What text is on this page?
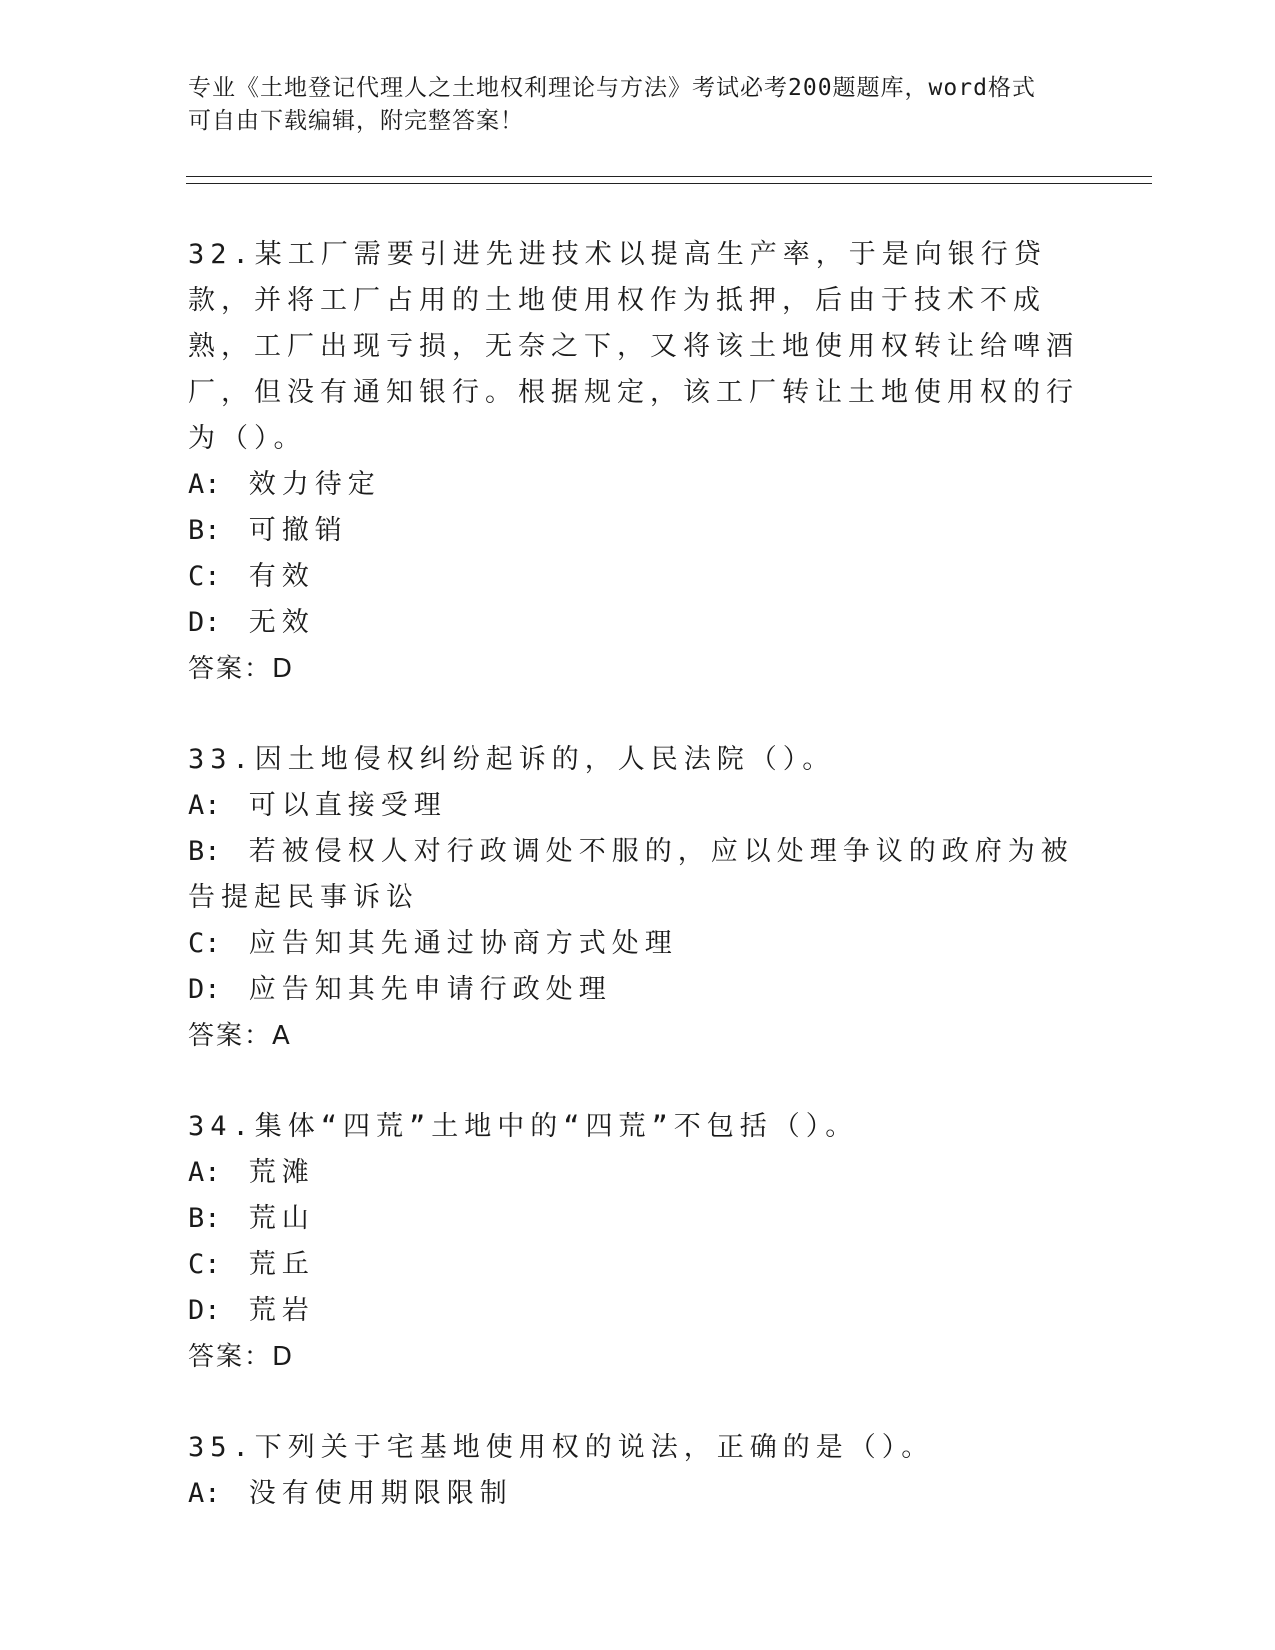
专业《土地登记代理人之土地权利理论与方法》考试必考200题题库，word格式
可自由下载编辑，附完整答案！

32.某工厂需要引进先进技术以提高生产率，于是向银行贷款，并将工厂占用的土地使用权作为抵押，后由于技术不成熟，工厂出现亏损，无奈之下，又将该土地使用权转让给啤酒厂，但没有通知银行。根据规定，该工厂转让土地使用权的行为（）。

A: 效力待定

B: 可撤销

C: 有效

D: 无效

答案：D

33.因土地侵权纠纷起诉的，人民法院（）。

A: 可以直接受理

B: 若被侵权人对行政调处不服的，应以处理争议的政府为被告提起民事诉讼

C: 应告知其先通过协商方式处理

D: 应告知其先申请行政处理

答案：A

34.集体“四荒”土地中的“四荒”不包括（）。

A: 荒滩

B: 荒山

C: 荒丘

D: 荒岩

答案：D

35.下列关于宅基地使用权的说法，正确的是（）。

A: 没有使用期限限制
